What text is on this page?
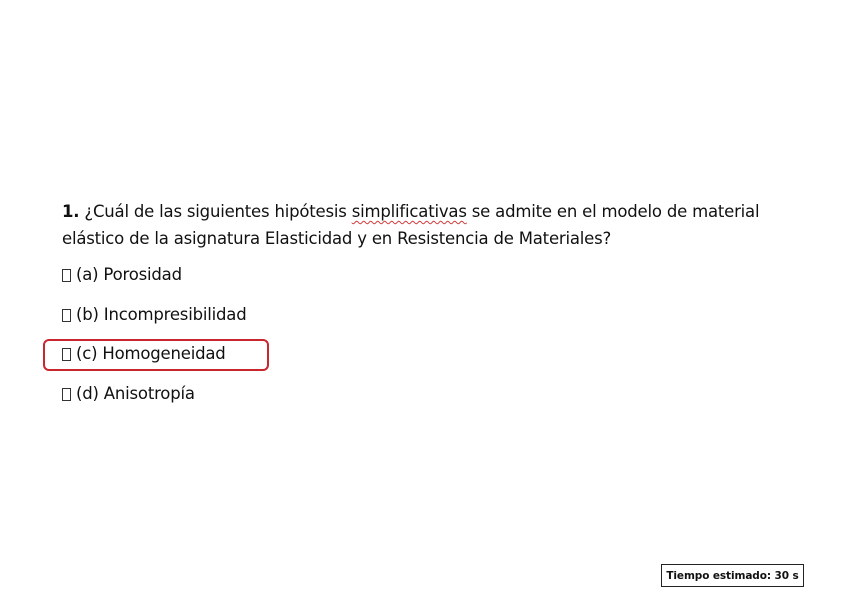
1. ¿Cuál de las siguientes hipótesis simplificativas se admite en el modelo de material elástico de la asignatura Elasticidad y en Resistencia de Materiales?
(a) Porosidad
(b) Incompresibilidad
(c) Homogeneidad
(d) Anisotropía
Tiempo estimado: 30 s
